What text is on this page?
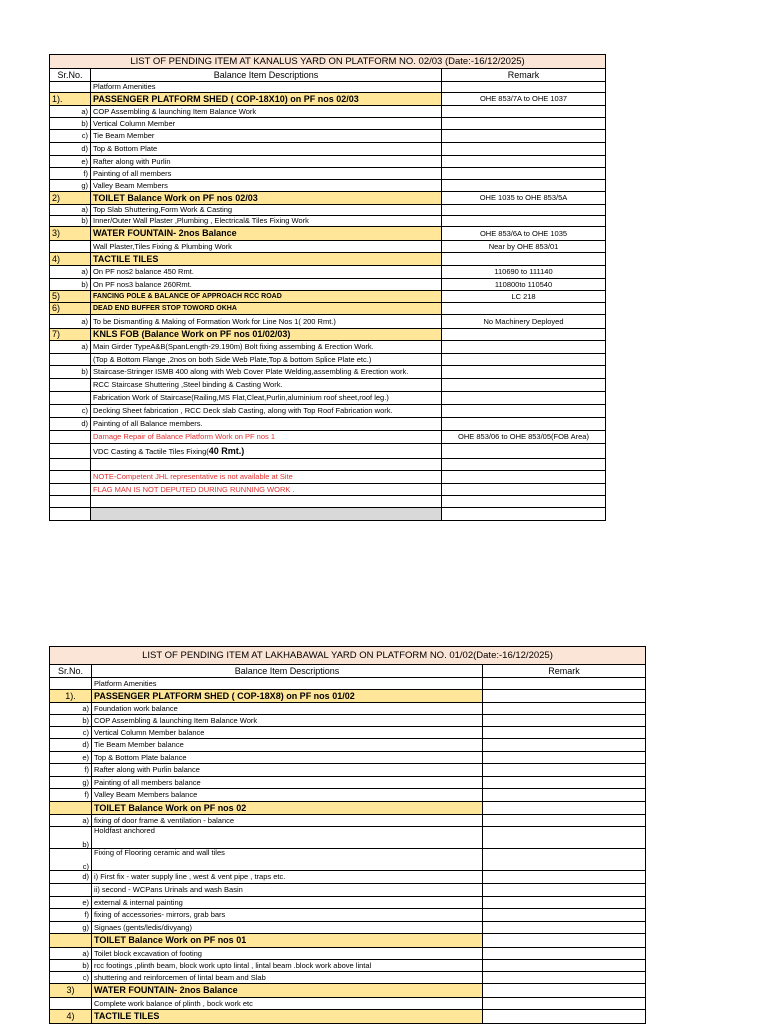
LIST OF PENDING ITEM AT KANALUS YARD ON PLATFORM NO. 02/03 (Date:-16/12/2025)		
Sr.No.	Balance Item Descriptions	Remark
	Platform Amenities	
1).	PASSENGER PLATFORM SHED ( COP-18X10) on PF nos 02/03	OHE 853/7A to OHE 1037
a)	COP Assembling & launching Item Balance Work	
b)	Vertical Column Member	
c)	Tie Beam Member	
d)	Top & Bottom Plate	
e)	Rafter along with Purlin	
f)	Painting of all members	
g)	Valley Beam Members	
2)	TOILET Balance Work on PF nos 02/03	OHE 1035 to OHE 853/5A
a)	Top Slab Shuttering,Form Work & Casting	
b)	Inner/Outer Wall Plaster ,Plumbing , Electrical& Tiles Fixing Work	
3)	WATER FOUNTAIN- 2nos Balance	OHE 853/6A to OHE 1035
	Wall Plaster,Tiles Fixing & Plumbing Work	Near by OHE 853/01
4)	TACTILE TILES	
a)	On PF nos2 balance 450 Rmt.	110690 to 111140
b)	On PF nos3 balance 260Rmt.	110800to 110540
5)	FANCING POLE & BALANCE OF APPROACH RCC ROAD	LC 218
6)	DEAD END BUFFER STOP TOWORD OKHA	
a)	To be Dismantling & Making of Formation Work for Line Nos 1( 200 Rmt.)	No Machinery Deployed
7)	KNLS FOB (Balance Work on PF nos 01/02/03)	
a)	Main Girder TypeA&B(SpanLength-29.190m) Bolt fixing assembing & Erection Work.	
	(Top & Bottom Flange ,2nos on both Side Web Plate,Top & bottom Splice Plate etc.)	
b)	Staircase-Stringer ISMB 400 along with Web Cover Plate Welding,assembling & Erection work.	
	RCC Staircase Shuttering ,Steel binding & Casting Work.	
	Fabrication Work of Staircase(Railing,MS Flat,Cleat,Purlin,aluminium roof sheet,roof leg.)	
c)	Decking Sheet fabrication , RCC Deck slab Casting, along with Top Roof Fabrication work.	
d)	Painting of all Balance members.	
	Damage Repair of Balance Platform Work on PF nos 1	OHE 853/06 to OHE 853/05(FOB Area)
	VDC Casting & Tactile Tiles Fixing(40 Rmt.)	

	NOTE-Competent JHL representative is not available at Site	
	FLAG MAN IS NOT DEPUTED DURING RUNNING WORK .	

LIST OF PENDING ITEM AT LAKHABAWAL YARD ON PLATFORM NO. 01/02(Date:-16/12/2025)		
Sr.No.	Balance Item Descriptions	Remark
	Platform Amenities	
1).	PASSENGER PLATFORM SHED ( COP-18X8) on PF nos 01/02	
a)	Foundation work balance	
b)	COP Assembling & launching Item Balance Work	
c)	Vertical Column Member balance	
d)	Tie Beam Member balance	
e)	Top & Bottom Plate balance	
f)	Rafter along with Purlin balance	
g)	Painting of all members balance	
f)	Valley Beam Members balance	
	TOILET Balance Work on PF nos 02	
a)	fixing of door frame & ventilation - balance	
b)	Holdfast anchored	
c)	Fixing of Flooring ceramic and wall tiles	
d)	i) First fix - water supply line , west & vent pipe , traps etc.	
	ii) second - WCPans Urinals and wash Basin	
e)	external & internal painting	
f)	fixing of accessories- mirrors, grab bars	
g)	Signaes (gents/ledis/divyang)	
	TOILET Balance Work on PF nos 01	
a)	Toilet block excavation of footing	
b)	rcc footings ,plinth beam, block work upto lintal , lintal beam .block work above lintal	
c)	shuttering and reinforcemen of lintal beam and Slab	
3)	WATER FOUNTAIN- 2nos Balance	
	Complete work balance of plinth , bock work etc	
4)	TACTILE TILES	
